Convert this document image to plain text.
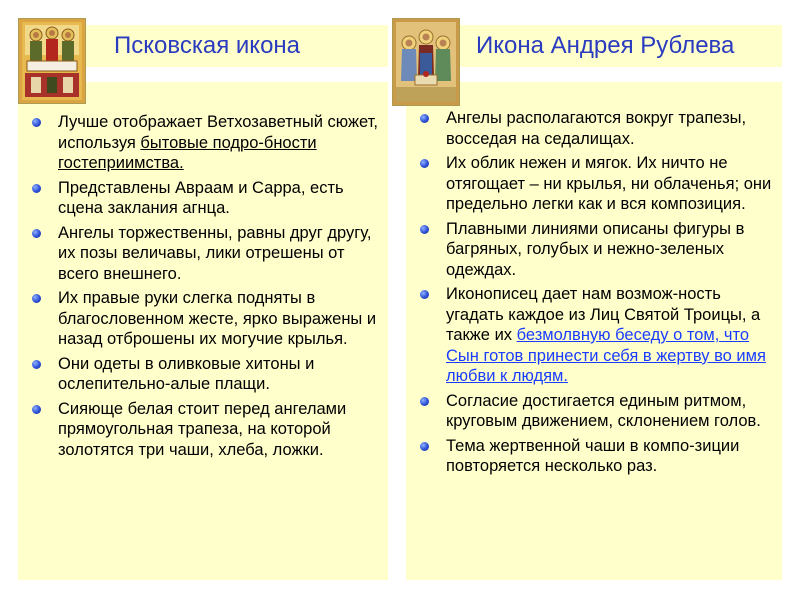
Псковская икона	Икона Андрея Рублева
Лучше отображает Ветхозаветный сюжет, используя бытовые подро-бности гостеприимства.
Представлены Авраам и Сарра, есть сцена заклания агнца.
Ангелы торжественны, равны друг другу, их позы величавы, лики отрешены от всего внешнего.
Их правые руки слегка подняты в благословенном жесте, ярко выражены и назад отброшены их могучие крылья.
Они одеты в оливковые хитоны и ослепительно-алые плащи.
Сияюще белая стоит перед ангелами прямоугольная трапеза, на которой золотятся три чаши, хлеба, ложки.
Ангелы располагаются вокруг трапезы, восседая на седалищах.
Их облик нежен и мягок. Их ничто не отягощает – ни крылья, ни облаченья; они предельно легки как и вся композиция.
Плавными линиями описаны фигуры в багряных, голубых и нежно-зеленых одеждах.
Иконописец дает нам возмож-ность угадать каждое из Лиц Святой Троицы, а также их безмолвную беседу о том, что Сын готов принести себя в жертву во имя любви к людям.
Согласие достигается единым ритмом, круговым движением, склонением голов.
Тема жертвенной чаши в компо-зиции повторяется несколько раз.
